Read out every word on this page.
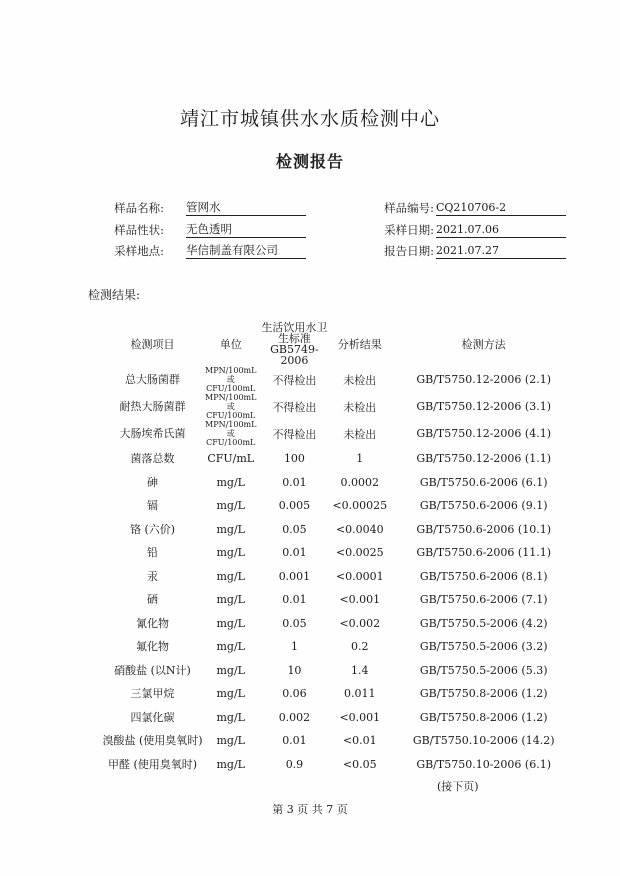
靖江市城镇供水水质检测中心
检测报告
样品名称: 管网水
样品性状: 无色透明
采样地点: 华信制盖有限公司
样品编号: CQ210706-2
采样日期: 2021.07.06
报告日期: 2021.07.27
检测结果:
检测项目	单位	生活饮用水卫生标准GB5749-2006	分析结果	检测方法
总大肠菌群	MPN/100mL或CFU/100mL	不得检出	未检出	GB/T5750.12-2006 (2.1)
耐热大肠菌群	MPN/100mL或CFU/100mL	不得检出	未检出	GB/T5750.12-2006 (3.1)
大肠埃希氏菌	MPN/100mL或CFU/100mL	不得检出	未检出	GB/T5750.12-2006 (4.1)
菌落总数	CFU/mL	100	1	GB/T5750.12-2006 (1.1)
砷	mg/L	0.01	0.0002	GB/T5750.6-2006 (6.1)
镉	mg/L	0.005	<0.00025	GB/T5750.6-2006 (9.1)
铬 (六价)	mg/L	0.05	<0.0040	GB/T5750.6-2006 (10.1)
铅	mg/L	0.01	<0.0025	GB/T5750.6-2006 (11.1)
汞	mg/L	0.001	<0.0001	GB/T5750.6-2006 (8.1)
硒	mg/L	0.01	<0.001	GB/T5750.6-2006 (7.1)
氰化物	mg/L	0.05	<0.002	GB/T5750.5-2006 (4.2)
氟化物	mg/L	1	0.2	GB/T5750.5-2006 (3.2)
硝酸盐 (以N计)	mg/L	10	1.4	GB/T5750.5-2006 (5.3)
三氯甲烷	mg/L	0.06	0.011	GB/T5750.8-2006 (1.2)
四氯化碳	mg/L	0.002	<0.001	GB/T5750.8-2006 (1.2)
溴酸盐 (使用臭氧时)	mg/L	0.01	<0.01	GB/T5750.10-2006 (14.2)
甲醛 (使用臭氧时)	mg/L	0.9	<0.05	GB/T5750.10-2006 (6.1)
(接下页)
第 3 页 共 7 页
